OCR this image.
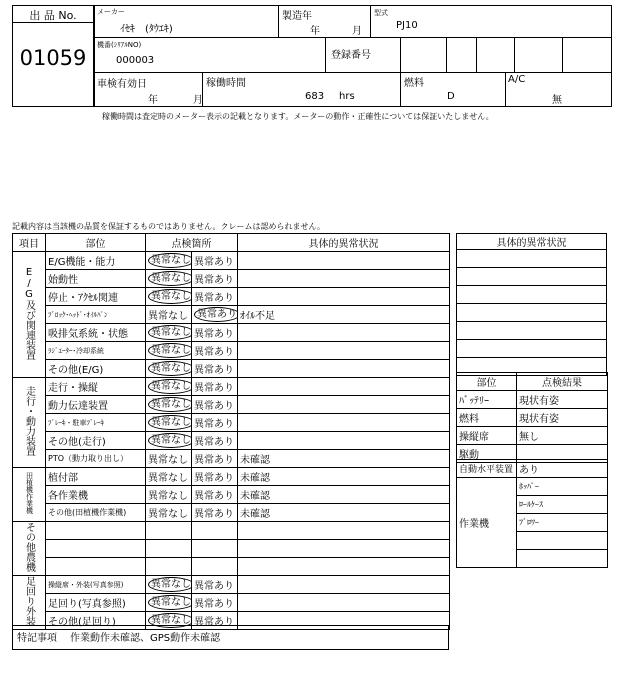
出 品 No.
01059
メーカー
ｲｾｷ　(ﾀｳｴｷ)
製造年
年	月
型式
PJ10
機番(ｼﾘｱﾙNO)
000003	登録番号
車検有効日
年	月
稼働時間
683 hrs
燃料
D
A/C
無
稼働時間は査定時のメーター表示の記載となります。メーターの動作・正確性については保証いたしません。
記載内容は当該機の品質を保証するものではありません。クレームは認められません。
項目	部位	点検箇所		具体的異常状況
E/G及び関連装置	E/G機能・能力	異常なし	異常あり	
	始動性	異常なし	異常あり	
	停止・ｱｸｾﾙ関連	異常なし	異常あり	
	ﾌﾞﾛｯｸ･ﾍｯﾄﾞ･ｵｲﾙﾊﾟﾝ	異常なし	異常あり	ｵｲﾙ不足
	吸排気系統・状態	異常なし	異常あり	
	ﾗｼﾞｴｰﾀｰ･冷却系統	異常なし	異常あり	
	その他(E/G)	異常なし	異常あり	
走行・動力装置	走行・操縦	異常なし	異常あり	
	動力伝達装置	異常なし	異常あり	
	ﾌﾞﾚｰｷ・駐車ﾌﾞﾚｰｷ	異常なし	異常あり	
	その他(走行)	異常なし	異常あり	
	PTO（動力取り出し）	異常なし	異常あり	未確認
田植機作業機	植付部	異常なし	異常あり	未確認
	各作業機	異常なし	異常あり	未確認
	その他(田植機作業機)	異常なし	異常あり	未確認
その他農機				

足回り外装	操縦席・外装(写真参照)	異常なし	異常あり	
	足回り(写真参照)	異常なし	異常あり	
	その他(足回り)	異常なし	異常あり	
具体的異常状況

部位	点検結果
ﾊﾞｯﾃﾘｰ	現状有姿
燃料	現状有姿
操縦席	無し
駆動	
自動水平装置	あり
作業機	ﾎｯﾊﾟｰ
	ﾛｰﾙｹｰｽ
	ﾌﾞﾛﾜｰ

特記事項 作業動作未確認、GPS動作未確認
